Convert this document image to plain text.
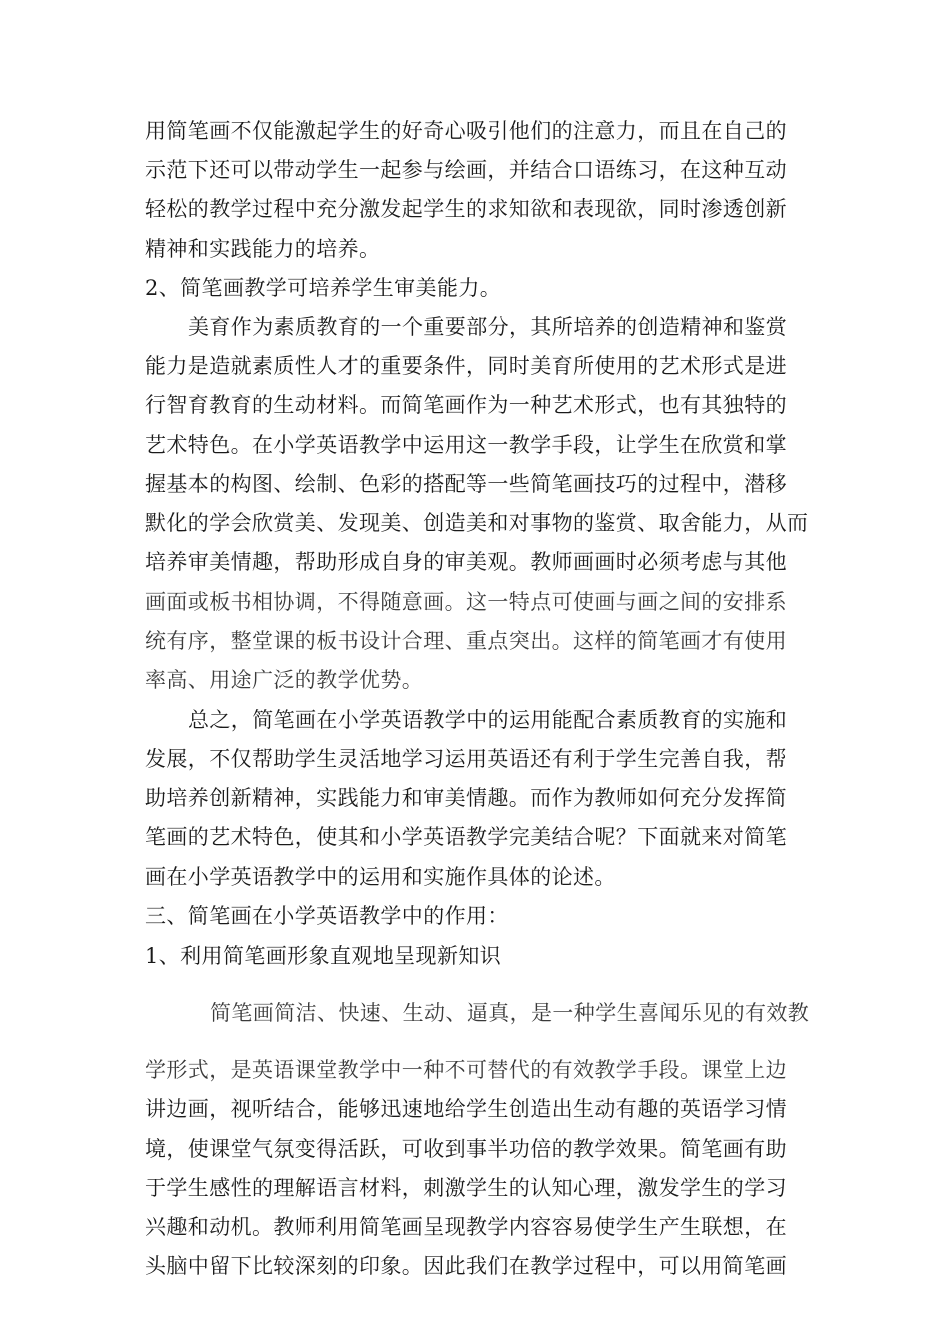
用简笔画不仅能激起学生的好奇心吸引他们的注意力，而且在自己的
示范下还可以带动学生一起参与绘画，并结合口语练习，在这种互动
轻松的教学过程中充分激发起学生的求知欲和表现欲，同时渗透创新
精神和实践能力的培养。
2、简笔画教学可培养学生审美能力。
美育作为素质教育的一个重要部分，其所培养的创造精神和鉴赏
能力是造就素质性人才的重要条件，同时美育所使用的艺术形式是进
行智育教育的生动材料。而简笔画作为一种艺术形式，也有其独特的
艺术特色。在小学英语教学中运用这一教学手段，让学生在欣赏和掌
握基本的构图、绘制、色彩的搭配等一些简笔画技巧的过程中，潜移
默化的学会欣赏美、发现美、创造美和对事物的鉴赏、取舍能力，从而
培养审美情趣，帮助形成自身的审美观。教师画画时必须考虑与其他
画面或板书相协调，不得随意画。这一特点可使画与画之间的安排系
统有序，整堂课的板书设计合理、重点突出。这样的简笔画才有使用
率高、用途广泛的教学优势。
总之，简笔画在小学英语教学中的运用能配合素质教育的实施和
发展，不仅帮助学生灵活地学习运用英语还有利于学生完善自我，帮
助培养创新精神，实践能力和审美情趣。而作为教师如何充分发挥简
笔画的艺术特色，使其和小学英语教学完美结合呢？下面就来对简笔
画在小学英语教学中的运用和实施作具体的论述。
三、简笔画在小学英语教学中的作用：
1、利用简笔画形象直观地呈现新知识
简笔画简洁、快速、生动、逼真，是一种学生喜闻乐见的有效教
学形式，是英语课堂教学中一种不可替代的有效教学手段。课堂上边
讲边画，视听结合，能够迅速地给学生创造出生动有趣的英语学习情
境，使课堂气氛变得活跃，可收到事半功倍的教学效果。简笔画有助
于学生感性的理解语言材料，刺激学生的认知心理，激发学生的学习
兴趣和动机。教师利用简笔画呈现教学内容容易使学生产生联想，在
头脑中留下比较深刻的印象。因此我们在教学过程中，可以用简笔画
